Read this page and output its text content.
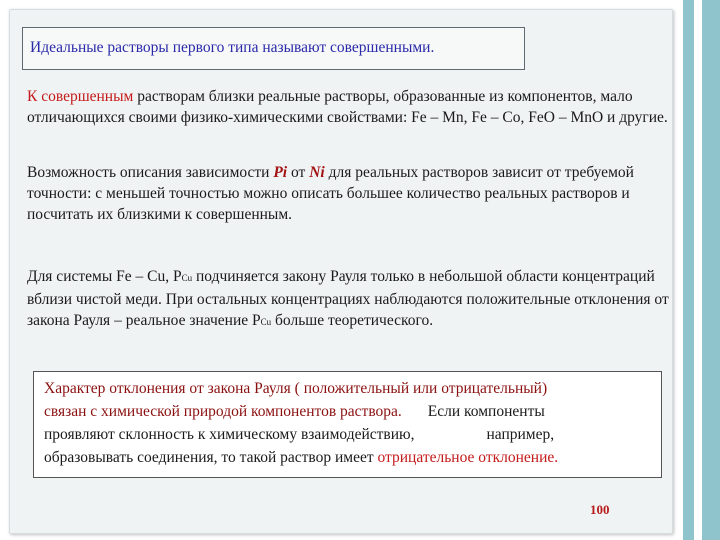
Идеальные растворы первого типа называют совершенными.
К совершенным растворам близки реальные растворы, образованные из компонентов, мало отличающихся своими физико-химическими свойствами: Fe – Mn, Fe – Co, FeO – MnO и другие.
Возможность описания зависимости Pi от Ni для реальных растворов зависит от требуемой точности: с меньшей точностью можно описать большее количество реальных растворов и посчитать их близкими к совершенным.
Для системы Fe – Cu, PCu подчиняется закону Рауля только в небольшой области концентраций вблизи чистой меди. При остальных концентрациях наблюдаются положительные отклонения от закона Рауля – реальное значение PCu больше теоретического.
Характер отклонения от закона Рауля ( положительный или отрицательный)
связан с химической природой компонентов раствора. Если компоненты
проявляют склонность к химическому взаимодействию,	например,
образовывать соединения, то такой раствор имеет отрицательное отклонение.
100
